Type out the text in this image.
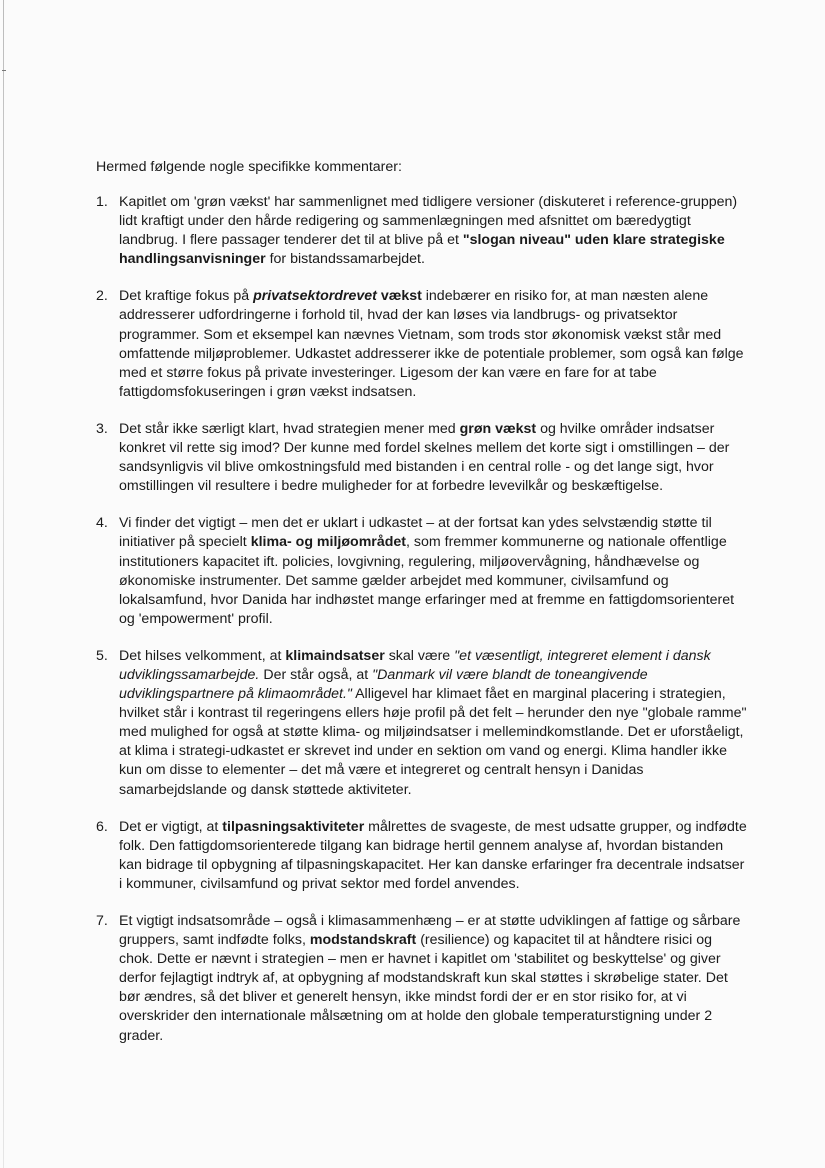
Hermed følgende nogle specifikke kommentarer:

1. Kapitlet om 'grøn vækst' har sammenlignet med tidligere versioner (diskuteret i reference-gruppen) lidt kraftigt under den hårde redigering og sammenlægningen med afsnittet om bæredygtigt landbrug. I flere passager tenderer det til at blive på et "slogan niveau" uden klare strategiske handlingsanvisninger for bistandssamarbejdet.

2. Det kraftige fokus på privatsektordrevet vækst indebærer en risiko for, at man næsten alene addresserer udfordringerne i forhold til, hvad der kan løses via landbrugs- og privatsektor programmer. Som et eksempel kan nævnes Vietnam, som trods stor økonomisk vækst står med omfattende miljøproblemer. Udkastet addresserer ikke de potentiale problemer, som også kan følge med et større fokus på private investeringer. Ligesom der kan være en fare for at tabe fattigdomsfokuseringen i grøn vækst indsatsen.

3. Det står ikke særligt klart, hvad strategien mener med grøn vækst og hvilke områder indsatser konkret vil rette sig imod? Der kunne med fordel skelnes mellem det korte sigt i omstillingen – der sandsynligvis vil blive omkostningsfuld med bistanden i en central rolle - og det lange sigt, hvor omstillingen vil resultere i bedre muligheder for at forbedre levevilkår og beskæftigelse.

4. Vi finder det vigtigt – men det er uklart i udkastet – at der fortsat kan ydes selvstændig støtte til initiativer på specielt klima- og miljøområdet, som fremmer kommunerne og nationale offentlige institutioners kapacitet ift. policies, lovgivning, regulering, miljøovervågning, håndhævelse og økonomiske instrumenter. Det samme gælder arbejdet med kommuner, civilsamfund og lokalsamfund, hvor Danida har indhøstet mange erfaringer med at fremme en fattigdomsorienteret og 'empowerment' profil.

5. Det hilses velkomment, at klimaindsatser skal være "et væsentligt, integreret element i dansk udviklingssamarbejde. Der står også, at "Danmark vil være blandt de toneangivende udviklingspartnere på klimaområdet." Alligevel har klimaet fået en marginal placering i strategien, hvilket står i kontrast til regeringens ellers høje profil på det felt – herunder den nye "globale ramme" med mulighed for også at støtte klima- og miljøindsatser i mellemindkomstlande. Det er uforståeligt, at klima i strategi-udkastet er skrevet ind under en sektion om vand og energi. Klima handler ikke kun om disse to elementer – det må være et integreret og centralt hensyn i Danidas samarbejdslande og dansk støttede aktiviteter.

6. Det er vigtigt, at tilpasningsaktiviteter målrettes de svageste, de mest udsatte grupper, og indfødte folk. Den fattigdomsorienterede tilgang kan bidrage hertil gennem analyse af, hvordan bistanden kan bidrage til opbygning af tilpasningskapacitet. Her kan danske erfaringer fra decentrale indsatser i kommuner, civilsamfund og privat sektor med fordel anvendes.

7. Et vigtigt indsatsområde – også i klimasammenhæng – er at støtte udviklingen af fattige og sårbare gruppers, samt indfødte folks, modstandskraft (resilience) og kapacitet til at håndtere risici og chok. Dette er nævnt i strategien – men er havnet i kapitlet om 'stabilitet og beskyttelse' og giver derfor fejlagtigt indtryk af, at opbygning af modstandskraft kun skal støttes i skrøbelige stater. Det bør ændres, så det bliver et generelt hensyn, ikke mindst fordi der er en stor risiko for, at vi overskrider den internationale målsætning om at holde den globale temperaturstigning under 2 grader.
